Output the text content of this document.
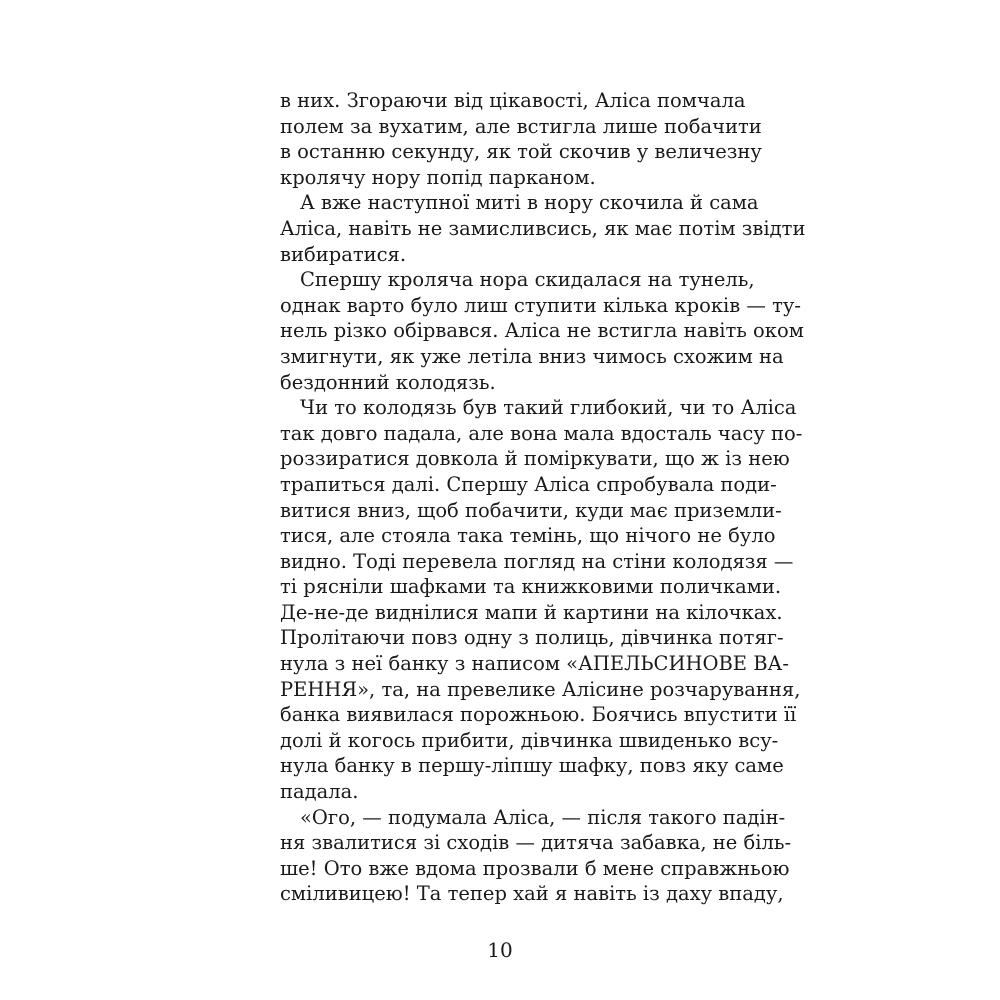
в них. Згораючи від цікавості, Аліса помчала
полем за вухатим, але встигла лише побачити
в останню секунду, як той скочив у величезну
кролячу нору попід парканом.

А вже наступної миті в нору скочила й сама
Аліса, навіть не замисливсись, як має потім звідти
вибиратися.

Спершу кроляча нора скидалася на тунель,
однак варто було лиш ступити кілька кроків — ту-
нель різко обірвався. Аліса не встигла навіть оком
змигнути, як уже летіла вниз чимось схожим на
бездонний колодязь.

Чи то колодязь був такий глибокий, чи то Аліса
так довго падала, але вона мала вдосталь часу по-
роззиратися довкола й поміркувати, що ж із нею
трапиться далі. Спершу Аліса спробувала поди-
витися вниз, щоб побачити, куди має приземли-
тися, але стояла така темінь, що нічого не було
видно. Тоді перевела погляд на стіни колодязя —
ті рясніли шафками та книжковими поличками.
Де-не-де виднілися мапи й картини на кілочках.
Пролітаючи повз одну з полиць, дівчинка потяг-
нула з неї банку з написом «АПЕЛЬСИНОВЕ ВА-
РЕННЯ», та, на превелике Алісине розчарування,
банка виявилася порожньою. Боячись впустити її
долі й когось прибити, дівчинка швиденько всу-
нула банку в першу-ліпшу шафку, повз яку саме
падала.

«Ого, — подумала Аліса, — після такого падін-
ня звалитися зі сходів — дитяча забавка, не біль-
ше! Ото вже вдома прозвали б мене справжньою
сміливицею! Та тепер хай я навіть із даху впаду,

10
